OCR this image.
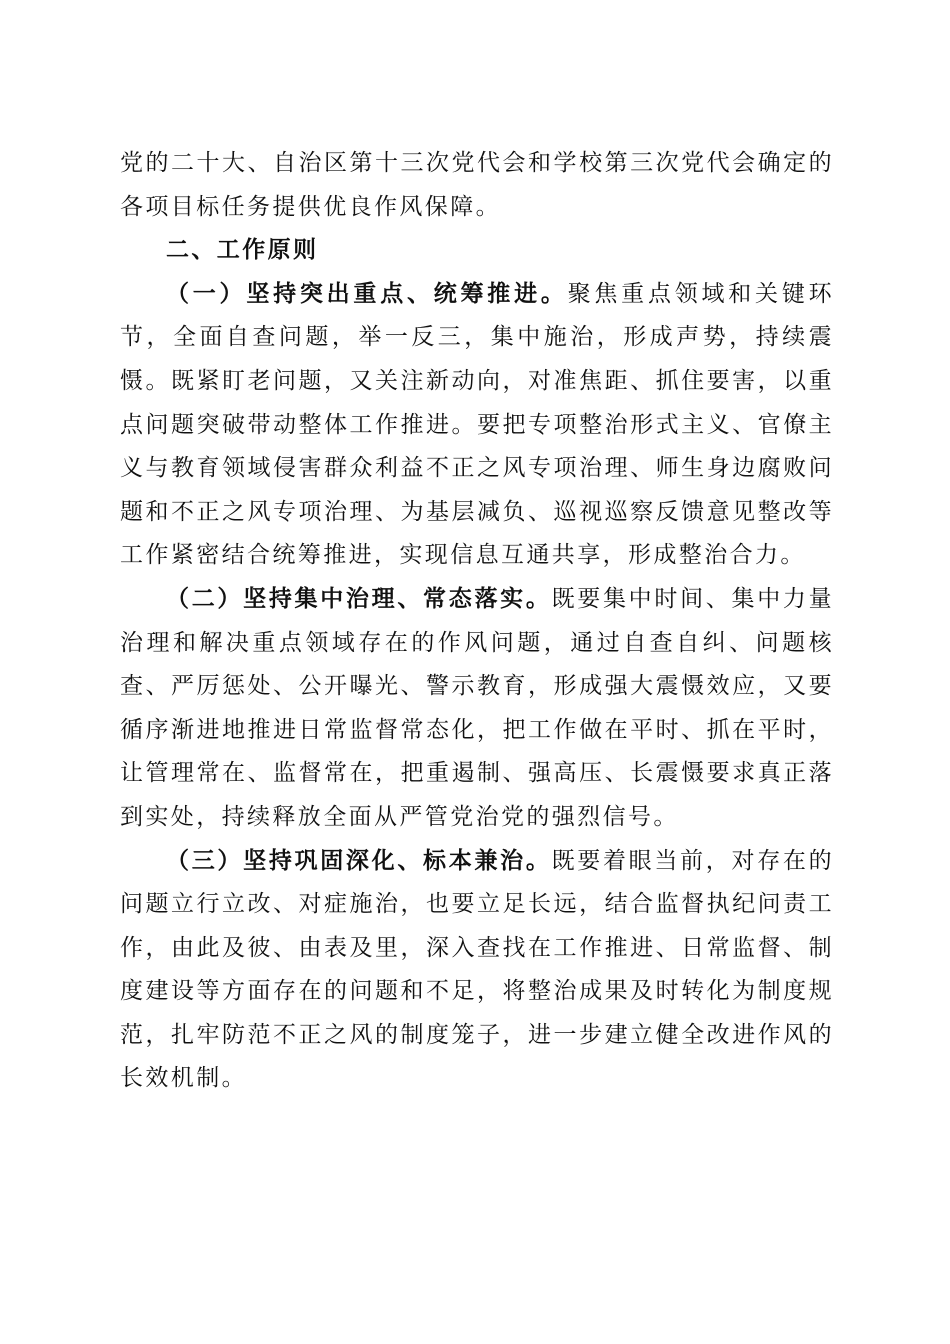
党的二十大、自治区第十三次党代会和学校第三次党代会确定的各项目标任务提供优良作风保障。

二、工作原则

（一）坚持突出重点、统筹推进。聚焦重点领域和关键环节，全面自查问题，举一反三，集中施治，形成声势，持续震慑。既紧盯老问题，又关注新动向，对准焦距、抓住要害，以重点问题突破带动整体工作推进。要把专项整治形式主义、官僚主义与教育领域侵害群众利益不正之风专项治理、师生身边腐败问题和不正之风专项治理、为基层减负、巡视巡察反馈意见整改等工作紧密结合统筹推进，实现信息互通共享，形成整治合力。

（二）坚持集中治理、常态落实。既要集中时间、集中力量治理和解决重点领域存在的作风问题，通过自查自纠、问题核查、严厉惩处、公开曝光、警示教育，形成强大震慑效应，又要循序渐进地推进日常监督常态化，把工作做在平时、抓在平时，让管理常在、监督常在，把重遏制、强高压、长震慑要求真正落到实处，持续释放全面从严管党治党的强烈信号。

（三）坚持巩固深化、标本兼治。既要着眼当前，对存在的问题立行立改、对症施治，也要立足长远，结合监督执纪问责工作，由此及彼、由表及里，深入查找在工作推进、日常监督、制度建设等方面存在的问题和不足，将整治成果及时转化为制度规范，扎牢防范不正之风的制度笼子，进一步建立健全改进作风的长效机制。
